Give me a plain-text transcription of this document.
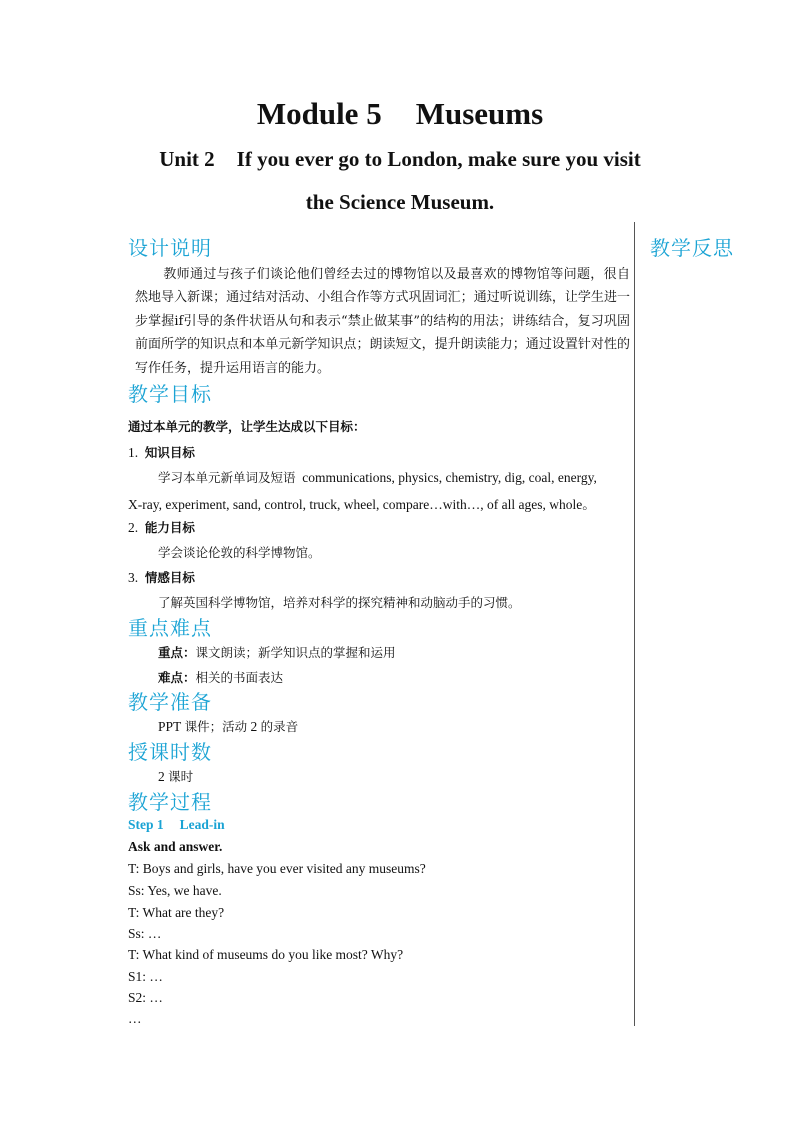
Module 5 Museums
Unit 2 If you ever go to London, make sure you visit
the Science Museum.
教学反思
设计说明
教师通过与孩子们谈论他们曾经去过的博物馆以及最喜欢的博物馆等问题，很自然地导入新课；通过结对活动、小组合作等方式巩固词汇；通过听说训练，让学生进一步掌握if引导的条件状语从句和表示“禁止做某事”的结构的用法；讲练结合，复习巩固前面所学的知识点和本单元新学知识点；朗读短文，提升朗读能力；通过设置针对性的写作任务，提升运用语言的能力。
教学目标
通过本单元的教学，让学生达成以下目标：
1. 知识目标
学习本单元新单词及短语 communications, physics, chemistry, dig, coal, energy,
X-ray, experiment, sand, control, truck, wheel, compare…with…, of all ages, whole。
2. 能力目标
学会谈论伦敦的科学博物馆。
3. 情感目标
了解英国科学博物馆，培养对科学的探究精神和动脑动手的习惯。
重点难点
重点：课文朗读；新学知识点的掌握和运用
难点：相关的书面表达
教学准备
PPT 课件；活动 2 的录音
授课时数
2 课时
教学过程
Step 1 Lead-in
Ask and answer.
T: Boys and girls, have you ever visited any museums?
Ss: Yes, we have.
T: What are they?
Ss: …
T: What kind of museums do you like most? Why?
S1: …
S2: …
…
